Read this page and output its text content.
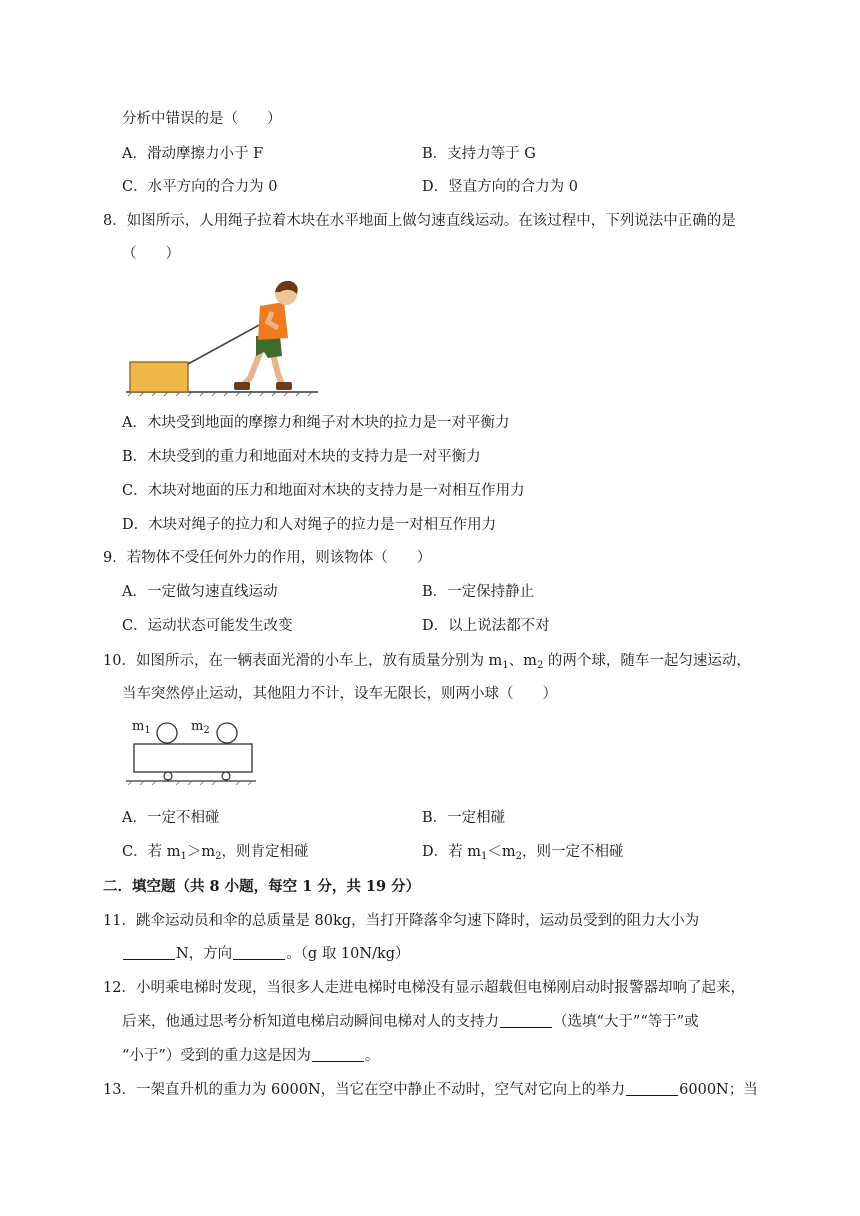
分析中错误的是（　　）
A．滑动摩擦力小于 F	B．支持力等于 G
C．水平方向的合力为 0	D．竖直方向的合力为 0
8．如图所示，人用绳子拉着木块在水平地面上做匀速直线运动。在该过程中，下列说法中正确的是
（　　）
A．木块受到地面的摩擦力和绳子对木块的拉力是一对平衡力
B．木块受到的重力和地面对木块的支持力是一对平衡力
C．木块对地面的压力和地面对木块的支持力是一对相互作用力
D．木块对绳子的拉力和人对绳子的拉力是一对相互作用力
9．若物体不受任何外力的作用，则该物体（　　）
A．一定做匀速直线运动	B．一定保持静止
C．运动状态可能发生改变	D．以上说法都不对
10．如图所示，在一辆表面光滑的小车上，放有质量分别为 $m_1$、$m_2$ 的两个球，随车一起匀速运动，
当车突然停止运动，其他阻力不计，设车无限长，则两小球（　　）
$m_1$	$m_2$
A．一定不相碰	B．一定相碰
C．若 $m_1>m_2$，则肯定相碰	D．若 $m_1<m_2$，则一定不相碰
二．填空题（共 8 小题，每空 1 分，共 19 分）
11．跳伞运动员和伞的总质量是 80kg，当打开降落伞匀速下降时，运动员受到的阻力大小为
N，方向	。（g 取 10N/kg）
12．小明乘电梯时发现，当很多人走进电梯时电梯没有显示超载但电梯刚启动时报警器却响了起来，
后来，他通过思考分析知道电梯启动瞬间电梯对人的支持力	（选填“大于”“等于”或
“小于”）受到的重力这是因为	。
13．一架直升机的重力为 6000N，当它在空中静止不动时，空气对它向上的举力	6000N；当
